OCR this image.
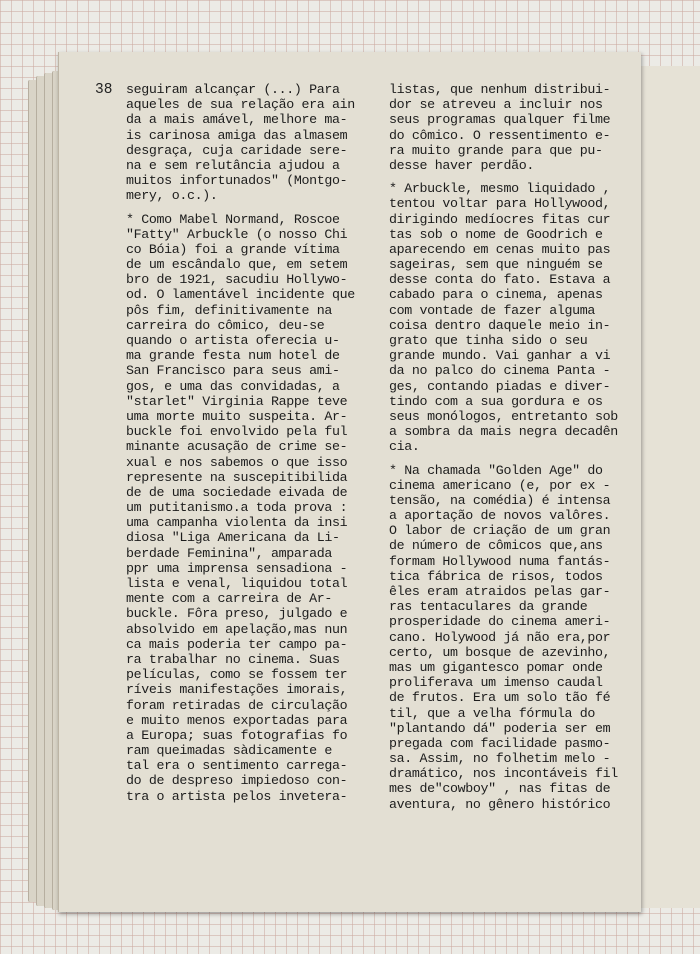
38 seguiram alcançar (...) Para
aqueles de sua relação era ain
da a mais amável, melhore ma-
is carinosa amiga das almasem
desgraça, cuja caridade sere-
na e sem relutância ajudou a
muitos infortunados" (Montgo-
mery, o.c.).
* Como Mabel Normand, Roscoe
"Fatty" Arbuckle (o nosso Chi
co Bóia) foi a grande vítima
de um escândalo que, em setem
bro de 1921, sacudiu Hollywo-
od. O lamentável incidente que
pôs fim, definitivamente na
carreira do cômico, deu-se
quando o artista oferecia u-
ma grande festa num hotel de
San Francisco para seus ami-
gos, e uma das convidadas, a
"starlet" Virginia Rappe teve
uma morte muito suspeita. Ar-
buckle foi envolvido pela ful
minante acusação de crime se-
xual e nos sabemos o que isso
represente na suscepitibilida
de de uma sociedade eivada de
um putitanismo.a toda prova :
uma campanha violenta da insi
diosa "Liga Americana da Li-
berdade Feminina", amparada
ppr uma imprensa sensadiona -
lista e venal, liquidou total
mente com a carreira de Ar-
buckle. Fôra preso, julgado e
absolvido em apelação,mas nun
ca mais poderia ter campo pa-
ra trabalhar no cinema. Suas
películas, como se fossem ter
ríveis manifestações imorais,
foram retiradas de circulação
e muito menos exportadas para
a Europa; suas fotografias fo
ram queimadas sàdicamente e
tal era o sentimento carrega-
do de despreso impiedoso con-
tra o artista pelos invetera-
listas, que nenhum distribui-
dor se atreveu a incluir nos
seus programas qualquer filme
do cômico. O ressentimento e-
ra muito grande para que pu-
desse haver perdão.
* Arbuckle, mesmo liquidado ,
tentou voltar para Hollywood,
dirigindo medíocres fitas cur
tas sob o nome de Goodrich e
aparecendo em cenas muito pas
sageiras, sem que ninguém se
desse conta do fato. Estava a
cabado para o cinema, apenas
com vontade de fazer alguma
coisa dentro daquele meio in-
grato que tinha sido o seu
grande mundo. Vai ganhar a vi
da no palco do cinema Panta -
ges, contando piadas e diver-
tindo com a sua gordura e os
seus monólogos, entretanto sob
a sombra da mais negra decadên
cia.
* Na chamada "Golden Age" do
cinema americano (e, por ex -
tensão, na comédia) é intensa
a aportação de novos valôres.
O labor de criação de um gran
de número de cômicos que,ans
formam Hollywood numa fantás-
tica fábrica de risos, todos
êles eram atraidos pelas gar-
ras tentaculares da grande
prosperidade do cinema ameri-
cano. Holywood já não era,por
certo, um bosque de azevinho,
mas um gigantesco pomar onde
proliferava um imenso caudal
de frutos. Era um solo tão fé
til, que a velha fórmula do
"plantando dá" poderia ser em
pregada com facilidade pasmo-
sa. Assim, no folhetim melo -
dramático, nos incontáveis fil
mes de"cowboy" , nas fitas de
aventura, no gênero histórico
